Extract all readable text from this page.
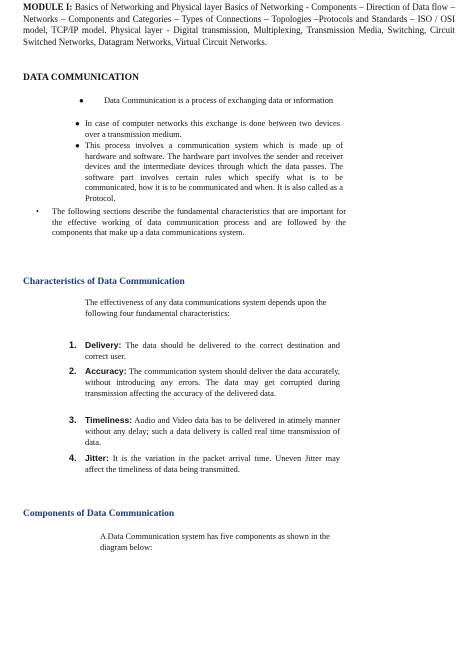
MODULE I: Basics of Networking and Physical layer Basics of Networking - Components – Direction of Data flow – Networks – Components and Categories – Types of Connections – Topologies –Protocols and Standards – ISO / OSI model, TCP/IP model. Physical layer - Digital transmission, Multiplexing, Transmission Media, Switching, Circuit Switched Networks, Datagram Networks, Virtual Circuit Networks.
DATA COMMUNICATION
● Data Communication is a process of exchanging data or information
● In case of computer networks this exchange is done between two devices over a transmission medium.
● This process involves a communication system which is made up of hardware and software. The hardware part involves the sender and receiver devices and the intermediate devices through which the data passes. The software part involves certain rules which specify what is to be communicated, how it is to be communicated and when. It is also called as a Protocol.
• The following sections describe the fundamental characteristics that are important for the effective working of data communication process and are followed by the components that make up a data communications system.
Characteristics of Data Communication
The effectiveness of any data communications system depends upon the following four fundamental characteristics:
1. Delivery: The data should be delivered to the correct destination and correct user.
2. Accuracy: The communication system should deliver the data accurately, without introducing any errors. The data may get corrupted during transmission affecting the accuracy of the delivered data.
3. Timeliness: Audio and Video data has to be delivered in atimely manner without any delay; such a data delivery is called real time transmission of data.
4. Jitter: It is the variation in the packet arrival time. Uneven Jitter may affect the timeliness of data being transmitted.
Components of Data Communication
A Data Communication system has five components as shown in the diagram below:
